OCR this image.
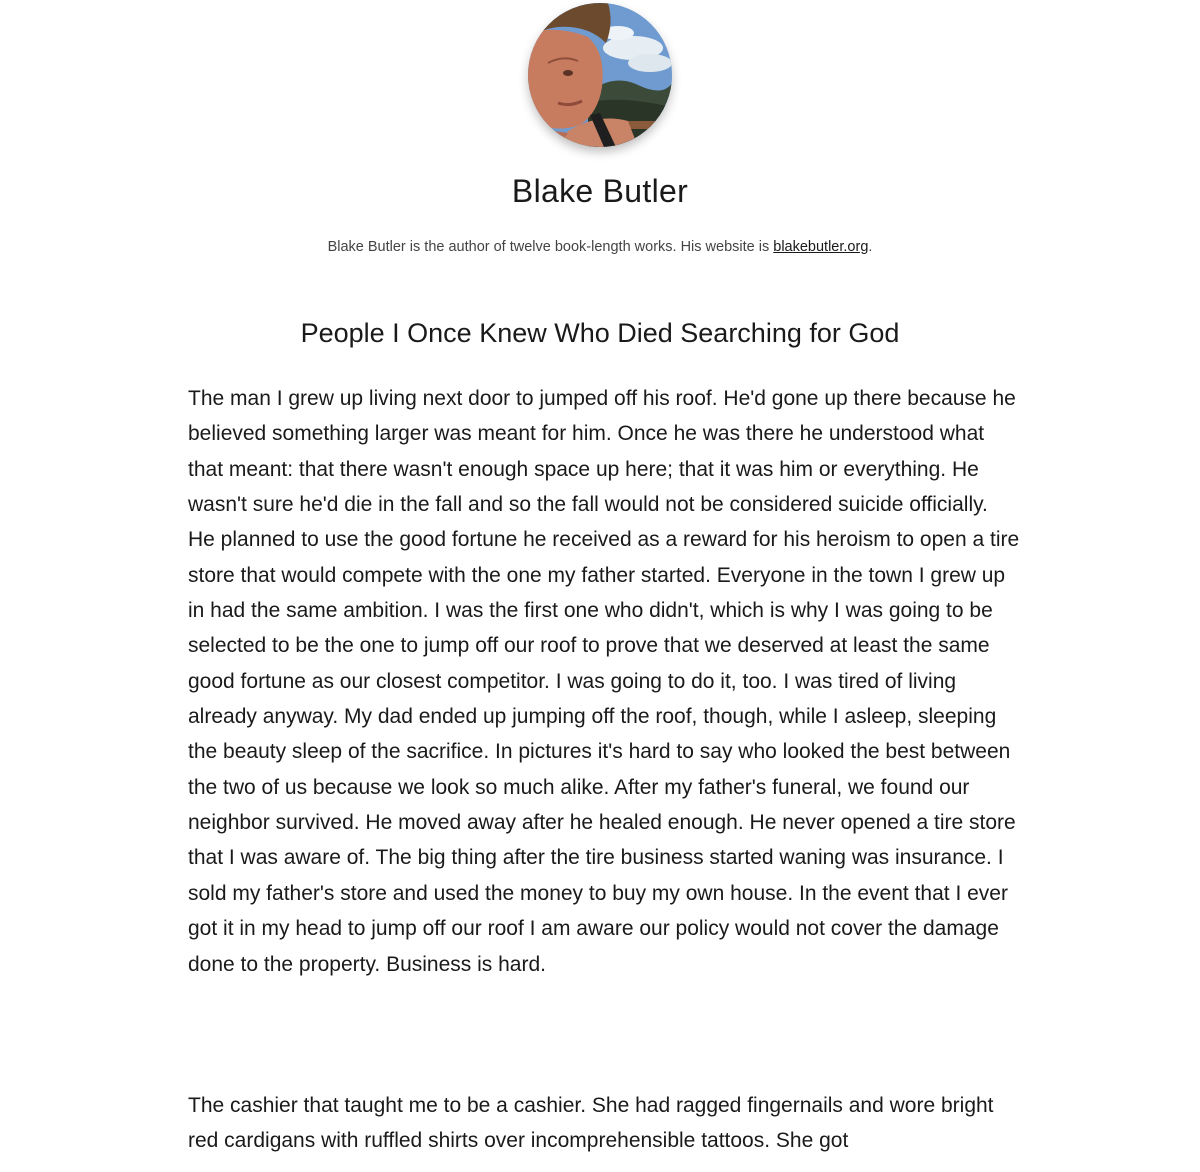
Blake Butler

Blake Butler is the author of twelve book-length works. His website is blakebutler.org.

People I Once Knew Who Died Searching for God

The man I grew up living next door to jumped off his roof. He'd gone up there because he believed something larger was meant for him. Once he was there he understood what that meant: that there wasn't enough space up here; that it was him or everything. He wasn't sure he'd die in the fall and so the fall would not be considered suicide officially. He planned to use the good fortune he received as a reward for his heroism to open a tire store that would compete with the one my father started. Everyone in the town I grew up in had the same ambition. I was the first one who didn't, which is why I was going to be selected to be the one to jump off our roof to prove that we deserved at least the same good fortune as our closest competitor. I was going to do it, too. I was tired of living already anyway. My dad ended up jumping off the roof, though, while I asleep, sleeping the beauty sleep of the sacrifice. In pictures it's hard to say who looked the best between the two of us because we look so much alike. After my father's funeral, we found our neighbor survived. He moved away after he healed enough. He never opened a tire store that I was aware of. The big thing after the tire business started waning was insurance. I sold my father's store and used the money to buy my own house. In the event that I ever got it in my head to jump off our roof I am aware our policy would not cover the damage done to the property. Business is hard.

The cashier that taught me to be a cashier. She had ragged fingernails and wore bright red cardigans with ruffled shirts over incomprehensible tattoos. She got
